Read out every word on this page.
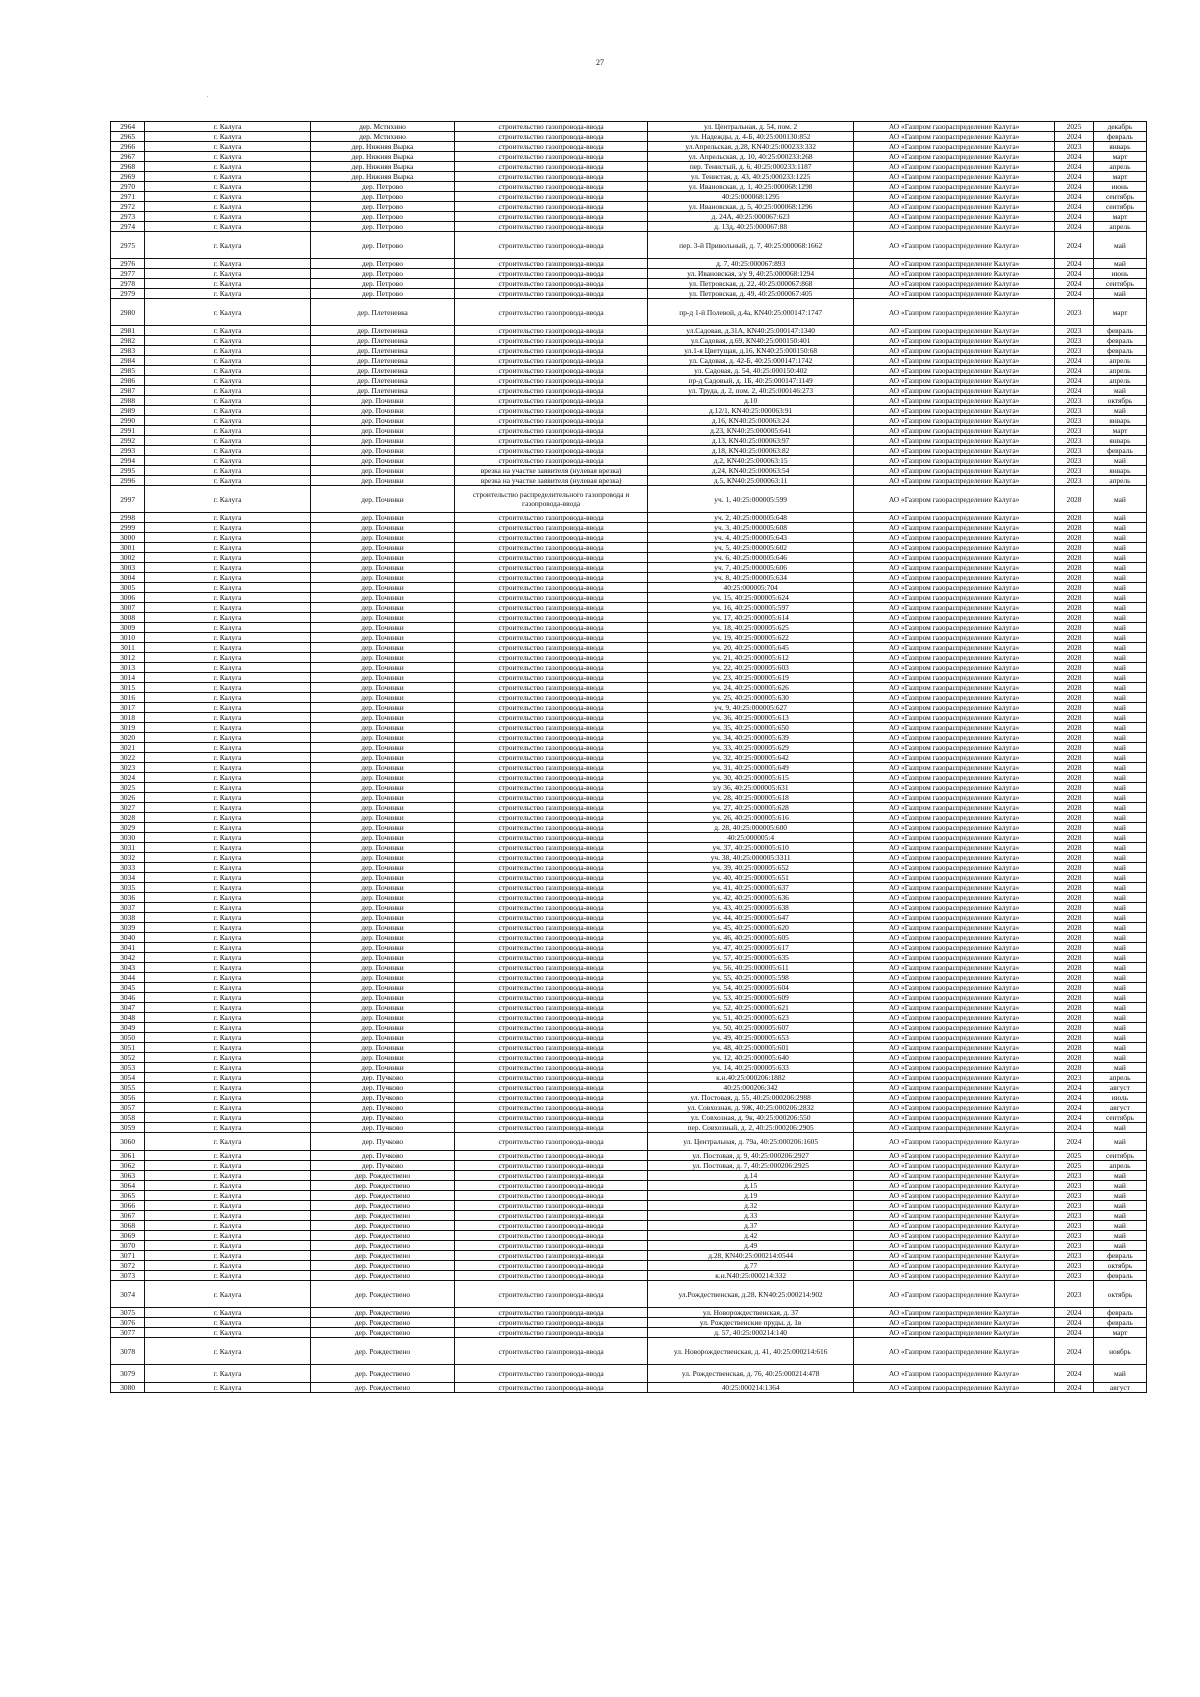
27
.
2964	г. Калуга	дер. Мстихино	строительство газопровода-ввода	ул. Центральная, д. 54, пом. 2	АО «Газпром газораспределение Калуга»	2025	декабрь
2965	г. Калуга	дер. Мстихино	строительство газопровода-ввода	ул. Надежды, д. 4-Б, 40:25:000130:852	АО «Газпром газораспределение Калуга»	2024	февраль
2966	г. Калуга	дер. Нижняя Вырка	строительство газопровода-ввода	ул.Апрельская, д.28, КN40:25:000233:332	АО «Газпром газораспределение Калуга»	2023	январь
2967	г. Калуга	дер. Нижняя Вырка	строительство газопровода-ввода	ул. Апрельская, д. 10, 40:25:000233:268	АО «Газпром газораспределение Калуга»	2024	март
2968	г. Калуга	дер. Нижняя Вырка	строительство газопровода-ввода	пер. Тенистый, д. 6, 40:25:000233:1187	АО «Газпром газораспределение Калуга»	2024	апрель
2969	г. Калуга	дер. Нижняя Вырка	строительство газопровода-ввода	ул. Тенистая, д. 43, 40:25:000233:1225	АО «Газпром газораспределение Калуга»	2024	март
2970	г. Калуга	дер. Петрово	строительство газопровода-ввода	ул. Ивановская, д. 1, 40:25:000068:1298	АО «Газпром газораспределение Калуга»	2024	июнь
2971	г. Калуга	дер. Петрово	строительство газопровода-ввода	40:25:000068:1295	АО «Газпром газораспределение Калуга»	2024	сентябрь
2972	г. Калуга	дер. Петрово	строительство газопровода-ввода	ул. Ивановская, д. 5, 40:25:000068:1296	АО «Газпром газораспределение Калуга»	2024	сентябрь
2973	г. Калуга	дер. Петрово	строительство газопровода-ввода	д. 24А, 40:25:000067:623	АО «Газпром газораспределение Калуга»	2024	март
2974	г. Калуга	дер. Петрово	строительство газопровода-ввода	д. 13д, 40:25:000067:88	АО «Газпром газораспределение Калуга»	2024	апрель
2975	г. Калуга	дер. Петрово	строительство газопровода-ввода	пер. 3-й Привольный, д. 7, 40:25:000068:1662	АО «Газпром газораспределение Калуга»	2024	май
2976	г. Калуга	дер. Петрово	строительство газопровода-ввода	д. 7, 40:25:000067:893	АО «Газпром газораспределение Калуга»	2024	май
2977	г. Калуга	дер. Петрово	строительство газопровода-ввода	ул. Ивановская, з/у 9, 40:25:000068:1294	АО «Газпром газораспределение Калуга»	2024	июнь
2978	г. Калуга	дер. Петрово	строительство газопровода-ввода	ул. Петровская, д. 22, 40:25:000067:868	АО «Газпром газораспределение Калуга»	2024	сентябрь
2979	г. Калуга	дер. Петрово	строительство газопровода-ввода	ул. Петровская, д. 49, 40:25:000067:405	АО «Газпром газораспределение Калуга»	2024	май
2980	г. Калуга	дер. Плетеневка	строительство газопровода-ввода	пр-д 1-й Полевой, д.4а, КN40:25:000147:1747	АО «Газпром газораспределение Калуга»	2023	март
2981	г. Калуга	дер. Плетеневка	строительство газопровода-ввода	ул.Садовая, д.31А, КN40:25:000147:1340	АО «Газпром газораспределение Калуга»	2023	февраль
2982	г. Калуга	дер. Плетеневка	строительство газопровода-ввода	ул.Садовая, д.69, КN40:25:000150:401	АО «Газпром газораспределение Калуга»	2023	февраль
2983	г. Калуга	дер. Плетеневка	строительство газопровода-ввода	ул.1-я Цветущая, д.16, КN40:25:000150:68	АО «Газпром газораспределение Калуга»	2023	февраль
2984	г. Калуга	дер. Плетеневка	строительство газопровода-ввода	ул. Садовая, д. 42-Б, 40:25:000147:1742	АО «Газпром газораспределение Калуга»	2024	апрель
2985	г. Калуга	дер. Плетеневка	строительство газопровода-ввода	ул. Садовая, д. 54, 40:25:000150:402	АО «Газпром газораспределение Калуга»	2024	апрель
2986	г. Калуга	дер. Плетеневка	строительство газопровода-ввода	пр-д Садовый, д. 1Б, 40:25:000147:1149	АО «Газпром газораспределение Калуга»	2024	апрель
2987	г. Калуга	дер. Плетеневка	строительство газопровода-ввода	ул. Труда, д. 2, пом. 2, 40:25:000146:273	АО «Газпром газораспределение Калуга»	2024	май
2988	г. Калуга	дер. Починки	строительство газопровода-ввода	д.10	АО «Газпром газораспределение Калуга»	2023	октябрь
2989	г. Калуга	дер. Починки	строительство газопровода-ввода	д.12/1, КN40:25:000063:91	АО «Газпром газораспределение Калуга»	2023	май
2990	г. Калуга	дер. Починки	строительство газопровода-ввода	д.16, КN40:25:000063:24	АО «Газпром газораспределение Калуга»	2023	январь
2991	г. Калуга	дер. Починки	строительство газопровода-ввода	д.23, КN40:25:000005:641	АО «Газпром газораспределение Калуга»	2023	март
2992	г. Калуга	дер. Починки	строительство газопровода-ввода	д.13, КN40:25:000063:97	АО «Газпром газораспределение Калуга»	2023	январь
2993	г. Калуга	дер. Починки	строительство газопровода-ввода	д.18, КN40:25:000063:82	АО «Газпром газораспределение Калуга»	2023	февраль
2994	г. Калуга	дер. Починки	строительство газопровода-ввода	д.2, КN40:25:000063:15	АО «Газпром газораспределение Калуга»	2023	май
2995	г. Калуга	дер. Починки	врезка на участке заявителя (нулевая врезка)	д.24, КN40:25:000063:54	АО «Газпром газораспределение Калуга»	2023	январь
2996	г. Калуга	дер. Починки	врезка на участке заявителя (нулевая врезка)	д.5, КN40:25:000063:11	АО «Газпром газораспределение Калуга»	2023	апрель
2997	г. Калуга	дер. Починки	строительство распределительного газопровода и газопровода-ввода	уч. 1, 40:25:000005:599	АО «Газпром газораспределение Калуга»	2028	май
2998	г. Калуга	дер. Починки	строительство газопровода-ввода	уч. 2, 40:25:000005:648	АО «Газпром газораспределение Калуга»	2028	май
2999	г. Калуга	дер. Починки	строительство газопровода-ввода	уч. 3, 40:25:000005:608	АО «Газпром газораспределение Калуга»	2028	май
3000	г. Калуга	дер. Починки	строительство газопровода-ввода	уч. 4, 40:25:000005:643	АО «Газпром газораспределение Калуга»	2028	май
3001	г. Калуга	дер. Починки	строительство газопровода-ввода	уч. 5, 40:25:000005:602	АО «Газпром газораспределение Калуга»	2028	май
3002	г. Калуга	дер. Починки	строительство газопровода-ввода	уч. 6, 40:25:000005:646	АО «Газпром газораспределение Калуга»	2028	май
3003	г. Калуга	дер. Починки	строительство газопровода-ввода	уч. 7, 40:25:000005:606	АО «Газпром газораспределение Калуга»	2028	май
3004	г. Калуга	дер. Починки	строительство газопровода-ввода	уч. 8, 40:25:000005:634	АО «Газпром газораспределение Калуга»	2028	май
3005	г. Калуга	дер. Починки	строительство газопровода-ввода	40:25:000005:704	АО «Газпром газораспределение Калуга»	2028	май
3006	г. Калуга	дер. Починки	строительство газопровода-ввода	уч. 15, 40:25:000005:624	АО «Газпром газораспределение Калуга»	2028	май
3007	г. Калуга	дер. Починки	строительство газопровода-ввода	уч. 16, 40:25:000005:597	АО «Газпром газораспределение Калуга»	2028	май
3008	г. Калуга	дер. Починки	строительство газопровода-ввода	уч. 17, 40:25:000005:614	АО «Газпром газораспределение Калуга»	2028	май
3009	г. Калуга	дер. Починки	строительство газопровода-ввода	уч. 18, 40:25:000005:625	АО «Газпром газораспределение Калуга»	2028	май
3010	г. Калуга	дер. Починки	строительство газопровода-ввода	уч. 19, 40:25:000005:622	АО «Газпром газораспределение Калуга»	2028	май
3011	г. Калуга	дер. Починки	строительство газопровода-ввода	уч. 20, 40:25:000005:645	АО «Газпром газораспределение Калуга»	2028	май
3012	г. Калуга	дер. Починки	строительство газопровода-ввода	уч. 21, 40:25:000005:612	АО «Газпром газораспределение Калуга»	2028	май
3013	г. Калуга	дер. Починки	строительство газопровода-ввода	уч. 22, 40:25:000005:603	АО «Газпром газораспределение Калуга»	2028	май
3014	г. Калуга	дер. Починки	строительство газопровода-ввода	уч. 23, 40:25:000005:619	АО «Газпром газораспределение Калуга»	2028	май
3015	г. Калуга	дер. Починки	строительство газопровода-ввода	уч. 24, 40:25:000005:626	АО «Газпром газораспределение Калуга»	2028	май
3016	г. Калуга	дер. Починки	строительство газопровода-ввода	уч. 25, 40:25:000005:630	АО «Газпром газораспределение Калуга»	2028	май
3017	г. Калуга	дер. Починки	строительство газопровода-ввода	уч. 9, 40:25:000005:627	АО «Газпром газораспределение Калуга»	2028	май
3018	г. Калуга	дер. Починки	строительство газопровода-ввода	уч. 36, 40:25:000005:613	АО «Газпром газораспределение Калуга»	2028	май
3019	г. Калуга	дер. Починки	строительство газопровода-ввода	уч. 35, 40:25:000005:650	АО «Газпром газораспределение Калуга»	2028	май
3020	г. Калуга	дер. Починки	строительство газопровода-ввода	уч. 34, 40:25:000005:639	АО «Газпром газораспределение Калуга»	2028	май
3021	г. Калуга	дер. Починки	строительство газопровода-ввода	уч. 33, 40:25:000005:629	АО «Газпром газораспределение Калуга»	2028	май
3022	г. Калуга	дер. Починки	строительство газопровода-ввода	уч. 32, 40:25:000005:642	АО «Газпром газораспределение Калуга»	2028	май
3023	г. Калуга	дер. Починки	строительство газопровода-ввода	уч. 31, 40:25:000005:649	АО «Газпром газораспределение Калуга»	2028	май
3024	г. Калуга	дер. Починки	строительство газопровода-ввода	уч. 30, 40:25:000005:615	АО «Газпром газораспределение Калуга»	2028	май
3025	г. Калуга	дер. Починки	строительство газопровода-ввода	з/у 36, 40:25:000005:631	АО «Газпром газораспределение Калуга»	2028	май
3026	г. Калуга	дер. Починки	строительство газопровода-ввода	уч. 28, 40:25:000005:618	АО «Газпром газораспределение Калуга»	2028	май
3027	г. Калуга	дер. Починки	строительство газопровода-ввода	уч. 27, 40:25:000005:628	АО «Газпром газораспределение Калуга»	2028	май
3028	г. Калуга	дер. Починки	строительство газопровода-ввода	уч. 26, 40:25:000005:616	АО «Газпром газораспределение Калуга»	2028	май
3029	г. Калуга	дер. Починки	строительство газопровода-ввода	д. 28, 40:25:000005:600	АО «Газпром газораспределение Калуга»	2028	май
3030	г. Калуга	дер. Починки	строительство газопровода-ввода	40:25:000005:4	АО «Газпром газораспределение Калуга»	2028	май
3031	г. Калуга	дер. Починки	строительство газопровода-ввода	уч. 37, 40:25:000005:610	АО «Газпром газораспределение Калуга»	2028	май
3032	г. Калуга	дер. Починки	строительство газопровода-ввода	уч. 38, 40:25:000005:3311	АО «Газпром газораспределение Калуга»	2028	май
3033	г. Калуга	дер. Починки	строительство газопровода-ввода	уч. 39, 40:25:000005:652	АО «Газпром газораспределение Калуга»	2028	май
3034	г. Калуга	дер. Починки	строительство газопровода-ввода	уч. 40, 40:25:000005:651	АО «Газпром газораспределение Калуга»	2028	май
3035	г. Калуга	дер. Починки	строительство газопровода-ввода	уч. 41, 40:25:000005:637	АО «Газпром газораспределение Калуга»	2028	май
3036	г. Калуга	дер. Починки	строительство газопровода-ввода	уч. 42, 40:25:000005:636	АО «Газпром газораспределение Калуга»	2028	май
3037	г. Калуга	дер. Починки	строительство газопровода-ввода	уч. 43, 40:25:000005:638	АО «Газпром газораспределение Калуга»	2028	май
3038	г. Калуга	дер. Починки	строительство газопровода-ввода	уч. 44, 40:25:000005:647	АО «Газпром газораспределение Калуга»	2028	май
3039	г. Калуга	дер. Починки	строительство газопровода-ввода	уч. 45, 40:25:000005:620	АО «Газпром газораспределение Калуга»	2028	май
3040	г. Калуга	дер. Починки	строительство газопровода-ввода	уч. 46, 40:25:000005:605	АО «Газпром газораспределение Калуга»	2028	май
3041	г. Калуга	дер. Починки	строительство газопровода-ввода	уч. 47, 40:25:000005:617	АО «Газпром газораспределение Калуга»	2028	май
3042	г. Калуга	дер. Починки	строительство газопровода-ввода	уч. 57, 40:25:000005:635	АО «Газпром газораспределение Калуга»	2028	май
3043	г. Калуга	дер. Починки	строительство газопровода-ввода	уч. 56, 40:25:000005:611	АО «Газпром газораспределение Калуга»	2028	май
3044	г. Калуга	дер. Починки	строительство газопровода-ввода	уч. 55, 40:25:000005:598	АО «Газпром газораспределение Калуга»	2028	май
3045	г. Калуга	дер. Починки	строительство газопровода-ввода	уч. 54, 40:25:000005:604	АО «Газпром газораспределение Калуга»	2028	май
3046	г. Калуга	дер. Починки	строительство газопровода-ввода	уч. 53, 40:25:000005:609	АО «Газпром газораспределение Калуга»	2028	май
3047	г. Калуга	дер. Починки	строительство газопровода-ввода	уч. 52, 40:25:000005:621	АО «Газпром газораспределение Калуга»	2028	май
3048	г. Калуга	дер. Починки	строительство газопровода-ввода	уч. 51, 40:25:000005:623	АО «Газпром газораспределение Калуга»	2028	май
3049	г. Калуга	дер. Починки	строительство газопровода-ввода	уч. 50, 40:25:000005:607	АО «Газпром газораспределение Калуга»	2028	май
3050	г. Калуга	дер. Починки	строительство газопровода-ввода	уч. 49, 40:25:000005:653	АО «Газпром газораспределение Калуга»	2028	май
3051	г. Калуга	дер. Починки	строительство газопровода-ввода	уч. 48, 40:25:000005:601	АО «Газпром газораспределение Калуга»	2028	май
3052	г. Калуга	дер. Починки	строительство газопровода-ввода	уч. 12, 40:25:000005:640	АО «Газпром газораспределение Калуга»	2028	май
3053	г. Калуга	дер. Починки	строительство газопровода-ввода	уч. 14, 40:25:000005:633	АО «Газпром газораспределение Калуга»	2028	май
3054	г. Калуга	дер. Пучково	строительство газопровода-ввода	к.н.40:25:000206:1882	АО «Газпром газораспределение Калуга»	2023	апрель
3055	г. Калуга	дер. Пучково	строительство газопровода-ввода	40:25:000206:342	АО «Газпром газораспределение Калуга»	2024	август
3056	г. Калуга	дер. Пучково	строительство газопровода-ввода	ул. Постовая, д. 55, 40:25:000206:2988	АО «Газпром газораспределение Калуга»	2024	июль
3057	г. Калуга	дер. Пучково	строительство газопровода-ввода	ул. Совхозная, д. 9Ж, 40:25:000206:2832	АО «Газпром газораспределение Калуга»	2024	август
3058	г. Калуга	дер. Пучково	строительство газопровода-ввода	ул. Совхозная, д. 9к, 40:25:000206:550	АО «Газпром газораспределение Калуга»	2024	сентябрь
3059	г. Калуга	дер. Пучково	строительство газопровода-ввода	пер. Совхозный, д. 2, 40:25:000206:2905	АО «Газпром газораспределение Калуга»	2024	май
3060	г. Калуга	дер. Пучково	строительство газопровода-ввода	ул. Центральная, д. 79а, 40:25:000206:1605	АО «Газпром газораспределение Калуга»	2024	май
3061	г. Калуга	дер. Пучково	строительство газопровода-ввода	ул. Постовая, д. 9, 40:25:000206:2927	АО «Газпром газораспределение Калуга»	2025	сентябрь
3062	г. Калуга	дер. Пучково	строительство газопровода-ввода	ул. Постовая, д. 7, 40:25:000206:2925	АО «Газпром газораспределение Калуга»	2025	апрель
3063	г. Калуга	дер. Рождествено	строительство газопровода-ввода	д.14	АО «Газпром газораспределение Калуга»	2023	май
3064	г. Калуга	дер. Рождествено	строительство газопровода-ввода	д.15	АО «Газпром газораспределение Калуга»	2023	май
3065	г. Калуга	дер. Рождествено	строительство газопровода-ввода	д.19	АО «Газпром газораспределение Калуга»	2023	май
3066	г. Калуга	дер. Рождествено	строительство газопровода-ввода	д.32	АО «Газпром газораспределение Калуга»	2023	май
3067	г. Калуга	дер. Рождествено	строительство газопровода-ввода	д.33	АО «Газпром газораспределение Калуга»	2023	май
3068	г. Калуга	дер. Рождествено	строительство газопровода-ввода	д.37	АО «Газпром газораспределение Калуга»	2023	май
3069	г. Калуга	дер. Рождествено	строительство газопровода-ввода	д.42	АО «Газпром газораспределение Калуга»	2023	май
3070	г. Калуга	дер. Рождествено	строительство газопровода-ввода	д.49	АО «Газпром газораспределение Калуга»	2023	май
3071	г. Калуга	дер. Рождествено	строительство газопровода-ввода	д.28, КN40:25:000214:0544	АО «Газпром газораспределение Калуга»	2023	февраль
3072	г. Калуга	дер. Рождествено	строительство газопровода-ввода	д.77	АО «Газпром газораспределение Калуга»	2023	октябрь
3073	г. Калуга	дер. Рождествено	строительство газопровода-ввода	к.н.N40:25:000214:332	АО «Газпром газораспределение Калуга»	2023	февраль
3074	г. Калуга	дер. Рождествено	строительство газопровода-ввода	ул.Рождественская, д.28, КN40:25:000214:902	АО «Газпром газораспределение Калуга»	2023	октябрь
3075	г. Калуга	дер. Рождествено	строительство газопровода-ввода	ул. Новорождественская, д. 37	АО «Газпром газораспределение Калуга»	2024	февраль
3076	г. Калуга	дер. Рождествено	строительство газопровода-ввода	ул. Рождественские пруды, д. 1в	АО «Газпром газораспределение Калуга»	2024	февраль
3077	г. Калуга	дер. Рождествено	строительство газопровода-ввода	д. 57, 40:25:000214:140	АО «Газпром газораспределение Калуга»	2024	март
3078	г. Калуга	дер. Рождествено	строительство газопровода-ввода	ул. Новорождественская, д. 41, 40:25:000214:616	АО «Газпром газораспределение Калуга»	2024	ноябрь
3079	г. Калуга	дер. Рождествено	строительство газопровода-ввода	ул. Рождественская, д. 76, 40:25:000214:478	АО «Газпром газораспределение Калуга»	2024	май
3080	г. Калуга	дер. Рождествено	строительство газопровода-ввода	40:25:000214:1364	АО «Газпром газораспределение Калуга»	2024	август
